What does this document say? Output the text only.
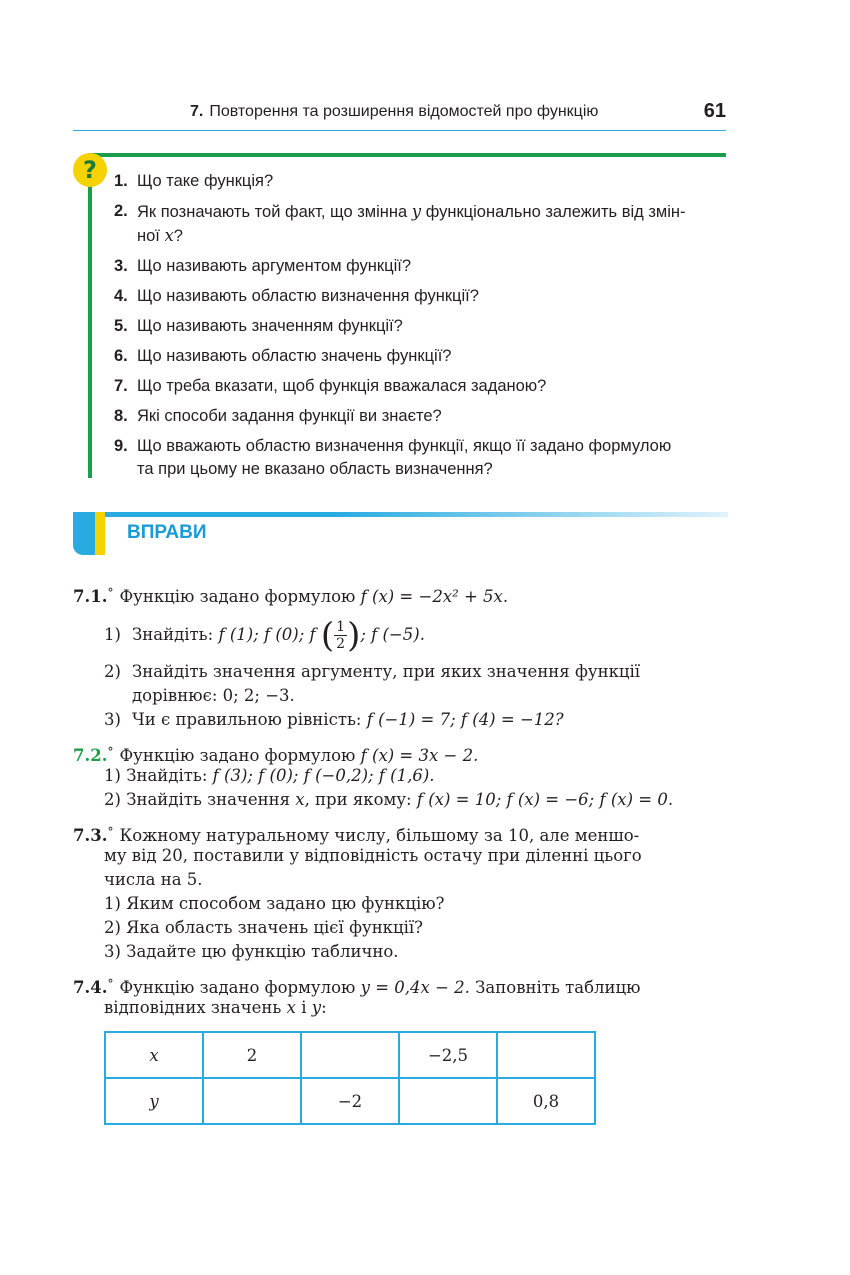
7. Повторення та розширення відомостей про функцію	61
?	1. Що таке функція?
2. Як позначають той факт, що змінна y функціонально залежить від змін-
ної x?
3. Що називають аргументом функції?
4. Що називають областю визначення функції?
5. Що називають значенням функції?
6. Що називають областю значень функції?
7. Що треба вказати, щоб функція вважалася заданою?
8. Які способи задання функції ви знаєте?
9. Що вважають областю визначення функції, якщо її задано формулою
та при цьому не вказано область визначення?
ВПРАВИ
7.1.° Функцію задано формулою f (x) = −2x² + 5x.
1) Знайдіть: f (1); f (0); f ( $\frac{1}{2}$ ); f (−5).
2) Знайдіть значення аргументу, при яких значення функції
дорівнює: 0; 2; −3.
3) Чи є правильною рівність: f (−1) = 7; f (4) = −12?
7.2.° Функцію задано формулою f (x) = 3x − 2.
1) Знайдіть: f (3); f (0); f (−0,2); f (1,6).
2) Знайдіть значення x, при якому: f (x) = 10; f (x) = −6; f (x) = 0.
7.3.° Кожному натуральному числу, більшому за 10, але меншо-
му від 20, поставили у відповідність остачу при діленні цього
числа на 5.
1) Яким способом задано цю функцію?
2) Яка область значень цієї функції?
3) Задайте цю функцію таблично.
7.4.° Функцію задано формулою y = 0,4x − 2. Заповніть таблицю
відповідних значень x і y:
x	2		−2,5	
y		−2		0,8
